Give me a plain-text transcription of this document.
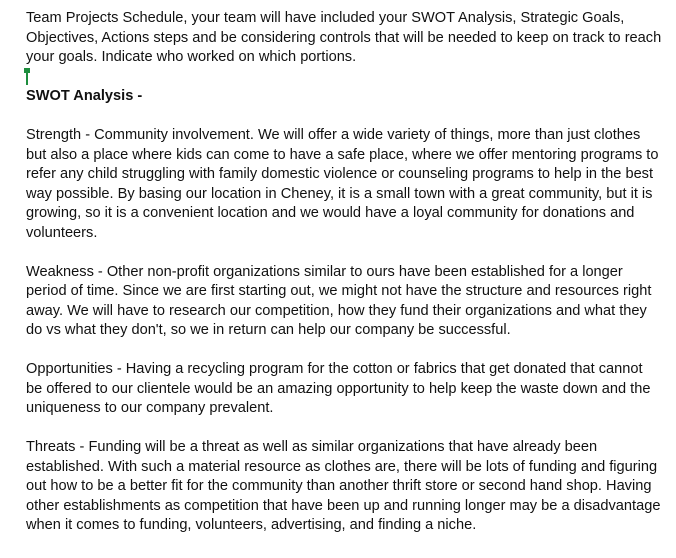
Team Projects Schedule, your team will have included your SWOT Analysis, Strategic Goals, Objectives, Actions steps and be considering controls that will be needed to keep on track to reach your goals. Indicate who worked on which portions.

SWOT Analysis -

Strength - Community involvement. We will offer a wide variety of things, more than just clothes but also a place where kids can come to have a safe place, where we offer mentoring programs to refer any child struggling with family domestic violence or counseling programs to help in the best way possible. By basing our location in Cheney, it is a small town with a great community, but it is growing, so it is a convenient location and we would have a loyal community for donations and volunteers.

Weakness - Other non-profit organizations similar to ours have been established for a longer period of time. Since we are first starting out, we might not have the structure and resources right away. We will have to research our competition, how they fund their organizations and what they do vs what they don't, so we in return can help our company be successful.

Opportunities - Having a recycling program for the cotton or fabrics that get donated that cannot be offered to our clientele would be an amazing opportunity to help keep the waste down and the uniqueness to our company prevalent.

Threats - Funding will be a threat as well as similar organizations that have already been established. With such a material resource as clothes are, there will be lots of funding and figuring out how to be a better fit for the community than another thrift store or second hand shop. Having other establishments as competition that have been up and running longer may be a disadvantage when it comes to funding, volunteers, advertising, and finding a niche.
